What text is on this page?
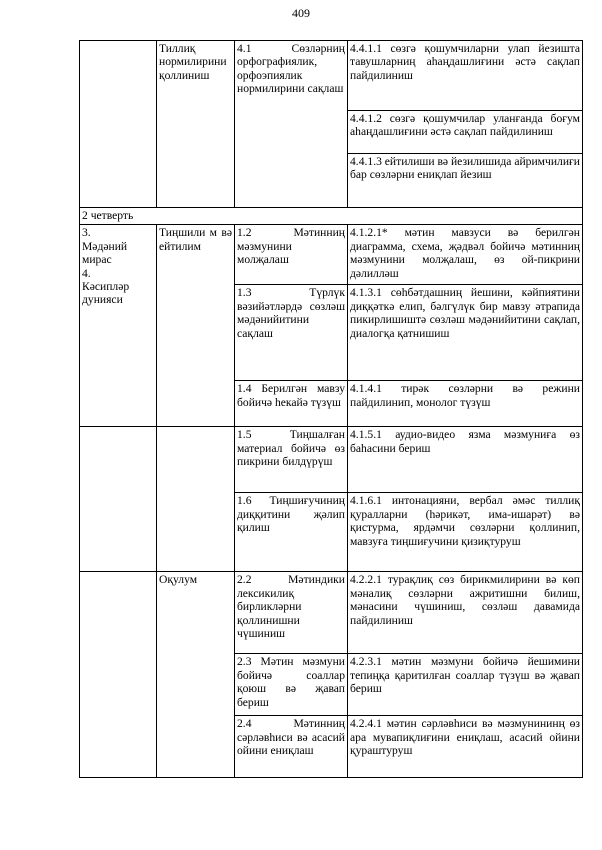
409
	Тиллиқ нормилирини қоллиниш	4.1 Сөзләрниң орфографиялик, орфоэпиялик нормилирини сақлаш	4.4.1.1 сөзгә қошумчиларни улап йезишта тавушларниң аһаңдашлиғини әстә сақлап пайдилиниш
			4.4.1.2 сөзгә қошумчилар уланғанда боғум аһаңдашлиғини әстә сақлап пайдилиниш
			4.4.1.3 ейтилиши вә йезилишида айримчилиғи бар сөзләрни ениқлап йезиш
2 четверть			
3.
Мәдәний мирас
4.
Кәсипләр дунияси	Тиңшили м вә ейтилим	1.2 Мәтинниң мәзмунини молҗалаш	4.1.2.1* мәтин мавзуси вә берилгән диаграмма, схема, җәдвәл бойичә мәтинниң мәзмунини молҗалаш, өз ой-пикрини дәлилләш
		1.3 Түрлүк вәзийәтләрдә сөзләш мәдәнийитини сақлаш	4.1.3.1 сөһбәтдашниң йешини, кәйпиятини диққәткә елип, бәлгүлүк бир мавзу әтрапида пикирлишиштә сөзләш мәдәнийитини сақлап, диалогқа қатнишиш
		1.4 Берилгән мавзу бойичә һекайә түзүш	4.1.4.1 тирәк сөзләрни вә режини пайдилинип, монолог түзүш
		1.5 Тиңшалған материал бойичә өз пикрини билдүрүш	4.1.5.1 аудио-видео язма мәзмуниға өз баһасини бериш
		1.6 Тиңшиғучиниң диққитини җәлип қилиш	4.1.6.1 интонацияни, вербал әмәс тиллиқ қуралларни (һәрикәт, има-ишарәт) вә қистурма, ярдәмчи сөзләрни қоллинип, мавзуға тиңшиғучини қизиқтуруш
	Оқулум	2.2 Мәтиндики лексикилиқ бирликләрни қоллинишни чүшиниш	4.2.2.1 турақлиқ сөз бирикмилирини вә көп мәналиқ сөзләрни ажритишни билиш, мәнасини чүшиниш, сөзләш давамида пайдилиниш
		2.3 Мәтин мәзмуни бойичә соаллар қоюш вә җавап бериш	4.2.3.1 мәтин мәзмуни бойичә йешимини тепиңқа қаритилған соаллар түзүш вә җавап бериш
		2.4 Мәтинниң сәрләвһиси вә асасий ойини ениқлаш	4.2.4.1 мәтин сәрләвһиси вә мәзмунининң өз ара мувапиқлиғини ениқлаш, асасий ойини қураштуруш
